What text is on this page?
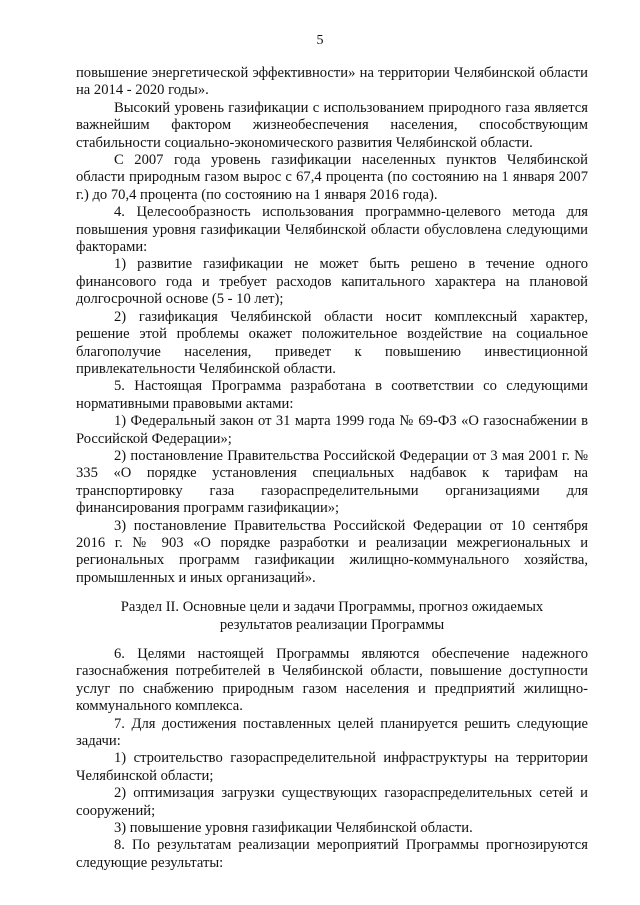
5

повышение энергетической эффективности» на территории Челябинской области на 2014 - 2020 годы».

Высокий уровень газификации с использованием природного газа является важнейшим фактором жизнеобеспечения населения, способствующим стабильности социально-экономического развития Челябинской области.

С 2007 года уровень газификации населенных пунктов Челябинской области природным газом вырос с 67,4 процента (по состоянию на 1 января 2007 г.) до 70,4 процента (по состоянию на 1 января 2016 года).

4. Целесообразность использования программно-целевого метода для повышения уровня газификации Челябинской области обусловлена следующими факторами:

1) развитие газификации не может быть решено в течение одного финансового года и требует расходов капитального характера на плановой долгосрочной основе (5 - 10 лет);

2) газификация Челябинской области носит комплексный характер, решение этой проблемы окажет положительное воздействие на социальное благополучие населения, приведет к повышению инвестиционной привлекательности Челябинской области.

5. Настоящая Программа разработана в соответствии со следующими нормативными правовыми актами:

1) Федеральный закон от 31 марта 1999 года № 69-ФЗ «О газоснабжении в Российской Федерации»;

2) постановление Правительства Российской Федерации от 3 мая 2001 г. № 335 «О порядке установления специальных надбавок к тарифам на транспортировку газа газораспределительными организациями для финансирования программ газификации»;

3) постановление Правительства Российской Федерации от 10 сентября 2016 г. № 903 «О порядке разработки и реализации межрегиональных и региональных программ газификации жилищно-коммунального хозяйства, промышленных и иных организаций».

Раздел II. Основные цели и задачи Программы, прогноз ожидаемых
результатов реализации Программы

6. Целями настоящей Программы являются обеспечение надежного газоснабжения потребителей в Челябинской области, повышение доступности услуг по снабжению природным газом населения и предприятий жилищно-коммунального комплекса.

7. Для достижения поставленных целей планируется решить следующие задачи:

1) строительство газораспределительной инфраструктуры на территории Челябинской области;

2) оптимизация загрузки существующих газораспределительных сетей и сооружений;

3) повышение уровня газификации Челябинской области.

8. По результатам реализации мероприятий Программы прогнозируются следующие результаты:
